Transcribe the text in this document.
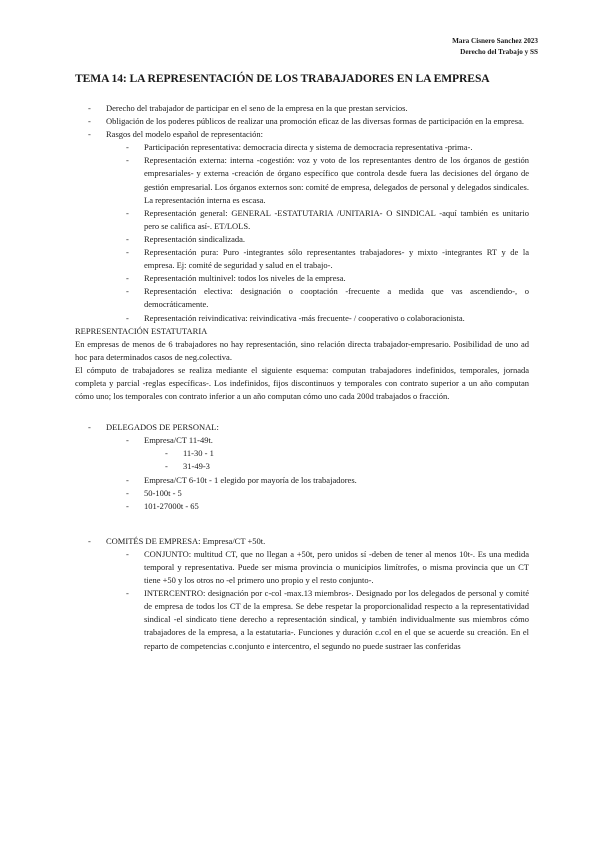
Mara Cisnero Sanchez 2023
Derecho del Trabajo y SS
TEMA 14: LA REPRESENTACIÓN DE LOS TRABAJADORES EN LA EMPRESA
- Derecho del trabajador de participar en el seno de la empresa en la que prestan servicios.
- Obligación de los poderes públicos de realizar una promoción eficaz de las diversas formas de participación en la empresa.
- Rasgos del modelo español de representación:
- Participación representativa: democracia directa y sistema de democracia representativa -prima-.
- Representación externa: interna -cogestión: voz y voto de los representantes dentro de los órganos de gestión empresariales- y externa -creación de órgano específico que controla desde fuera las decisiones del órgano de gestión empresarial. Los órganos externos son: comité de empresa, delegados de personal y delegados sindicales. La representación interna es escasa.
- Representación general: GENERAL -ESTATUTARIA /UNITARIA- O SINDICAL -aquí también es unitario pero se califica así-. ET/LOLS.
- Representación sindicalizada.
- Representación pura: Puro -integrantes sólo representantes trabajadores- y mixto -integrantes RT y de la empresa. Ej: comité de seguridad y salud en el trabajo-.
- Representación multinivel: todos los niveles de la empresa.
- Representación electiva: designación o cooptación -frecuente a medida que vas ascendiendo-, o democráticamente.
- Representación reivindicativa: reivindicativa -más frecuente- / cooperativo o colaboracionista.

REPRESENTACIÓN ESTATUTARIA

En empresas de menos de 6 trabajadores no hay representación, sino relación directa trabajador-empresario. Posibilidad de uno ad hoc para determinados casos de neg.colectiva.

El cómputo de trabajadores se realiza mediante el siguiente esquema: computan trabajadores indefinidos, temporales, jornada completa y parcial -reglas específicas-. Los indefinidos, fijos discontinuos y temporales con contrato superior a un año computan cómo uno; los temporales con contrato inferior a un año computan cómo uno cada 200d trabajados o fracción.

- DELEGADOS DE PERSONAL:
- Empresa/CT 11-49t.
- 11-30 - 1
- 31-49-3
- Empresa/CT 6-10t - 1 elegido por mayoría de los trabajadores.
- 50-100t - 5
- 101-27000t - 65
- COMITÉS DE EMPRESA: Empresa/CT +50t.
- CONJUNTO: multitud CT, que no llegan a +50t, pero unidos sí -deben de tener al menos 10t-. Es una medida temporal y representativa. Puede ser misma provincia o municipios limítrofes, o misma provincia que un CT tiene +50 y los otros no -el primero uno propio y el resto conjunto-.
- INTERCENTRO: designación por c-col -max.13 miembros-. Designado por los delegados de personal y comité de empresa de todos los CT de la empresa. Se debe respetar la proporcionalidad respecto a la representatividad sindical -el sindicato tiene derecho a representación sindical, y también individualmente sus miembros cómo trabajadores de la empresa, a la estatutaria-. Funciones y duración c.col en el que se acuerde su creación. En el reparto de competencias c.conjunto e intercentro, el segundo no puede sustraer las conferidas
